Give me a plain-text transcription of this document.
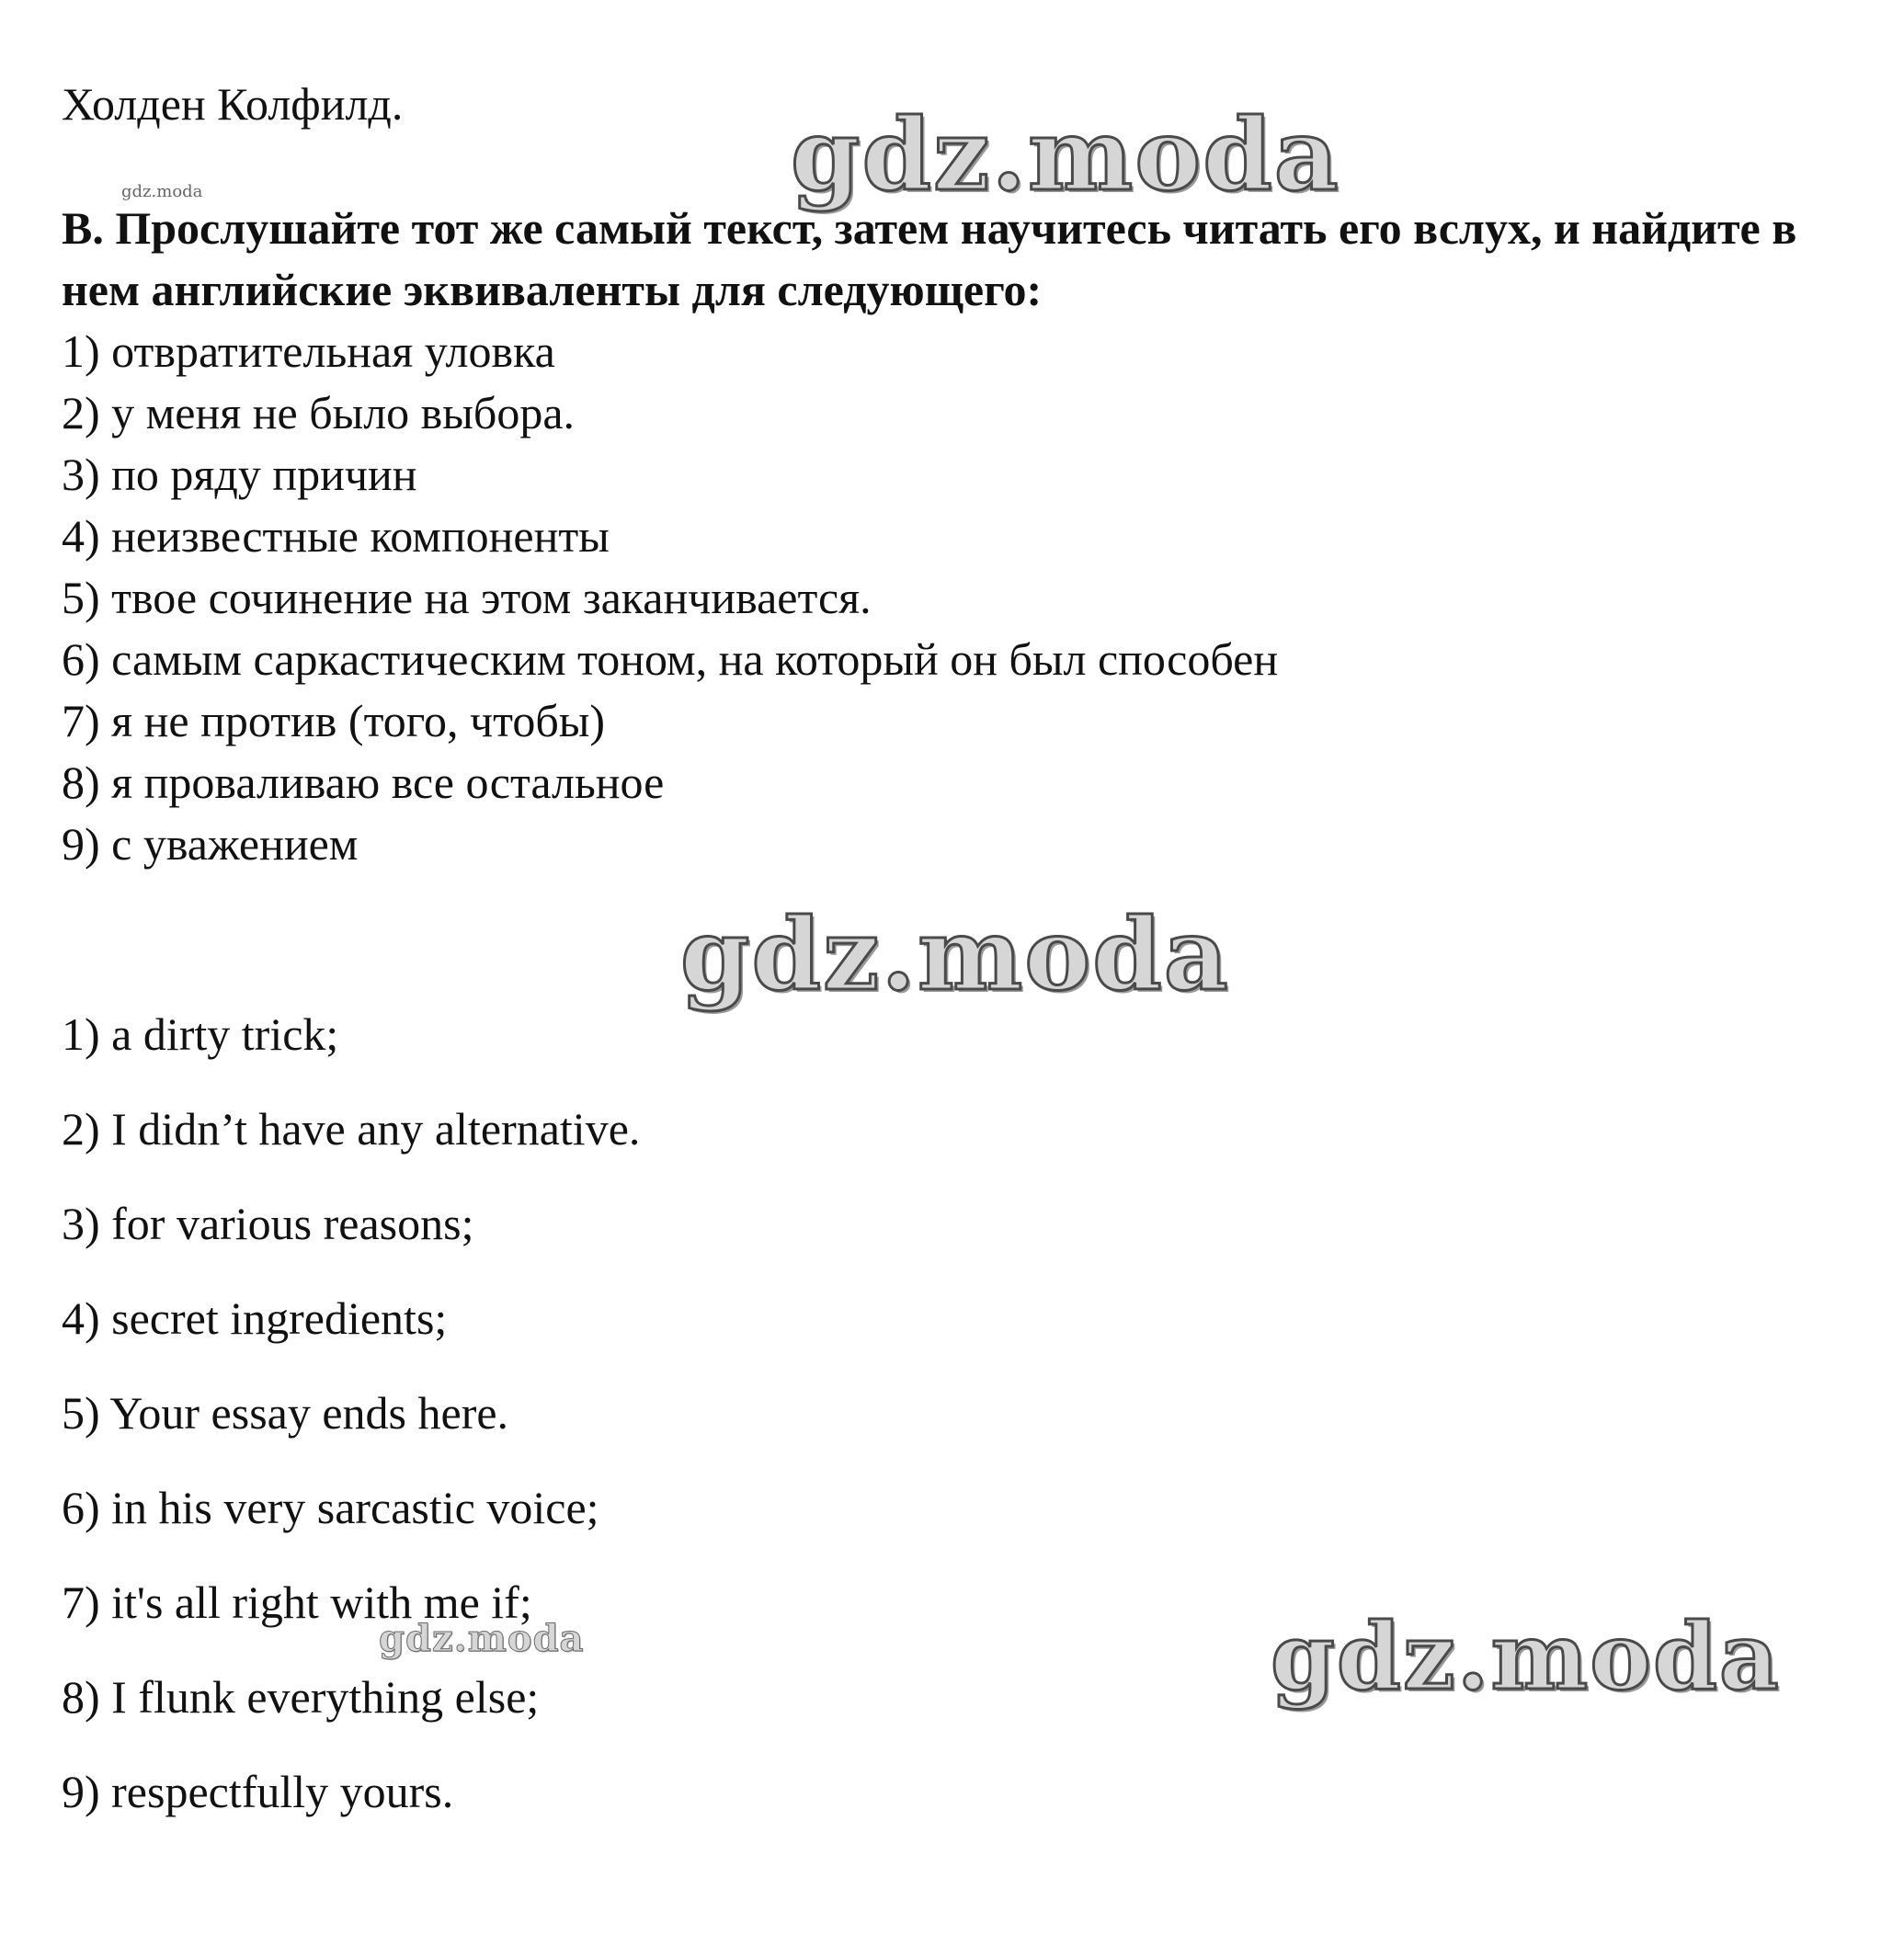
gdz.moda
gdz.moda
gdz.moda
gdz.moda	gdz.moda

Холден Колфилд.

B. Прослушайте тот же самый текст, затем научитесь читать его вслух, и найдите в нем английские эквиваленты для следующего:

1) отвратительная уловка

2) у меня не было выбора.

3) по ряду причин

4) неизвестные компоненты

5) твое сочинение на этом заканчивается.

6) самым саркастическим тоном, на который он был способен

7) я не против (того, чтобы)

8) я проваливаю все остальное

9) с уважением

1) a dirty trick;

2) I didn’t have any alternative.

3) for various reasons;

4) secret ingredients;

5) Your essay ends here.

6) in his very sarcastic voice;

7) it's all right with me if;

8) I flunk everything else;

9) respectfully yours.
